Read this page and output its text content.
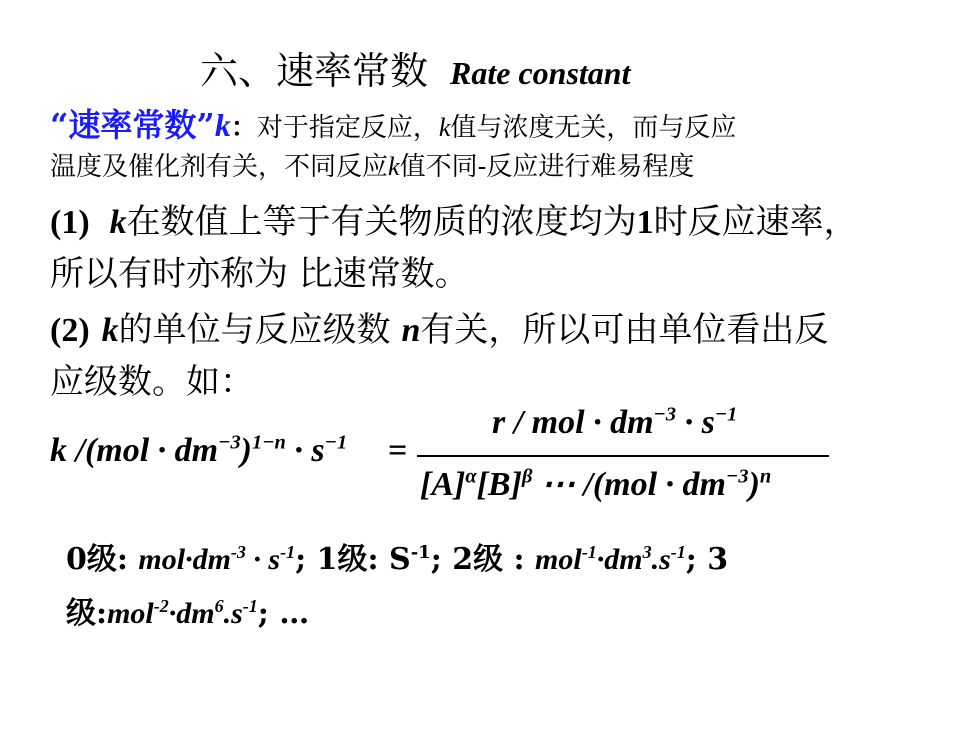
六、速率常数 Rate constant
“速率常数”k：对于指定反应，k值与浓度无关，而与反应
温度及催化剂有关，不同反应k值不同-反应进行难易程度
(1) k在数值上等于有关物质的浓度均为1时反应速率，
所以有时亦称为 比速常数。
(2) k的单位与反应级数 n有关，所以可由单位看出反
应级数。如：
k $/(mol \cdot dm^{-3})^{1-n} \cdot s^{-1}$ =
r / mol · $dm^{-3} \cdot s^{-1}$
$[A]^\alpha[B]^\beta$ ⋯ $/(mol \cdot dm^{-3})^n$
0级: $mol\cdot dm^{-3} \cdot s^{-1}$; 1级: $S^{-1}$; 2级 : $mol^{-1}\cdot dm^3.s^{-1}$; 3
级$:mol^{-2}\cdot dm^6.s^{-1}$; …
